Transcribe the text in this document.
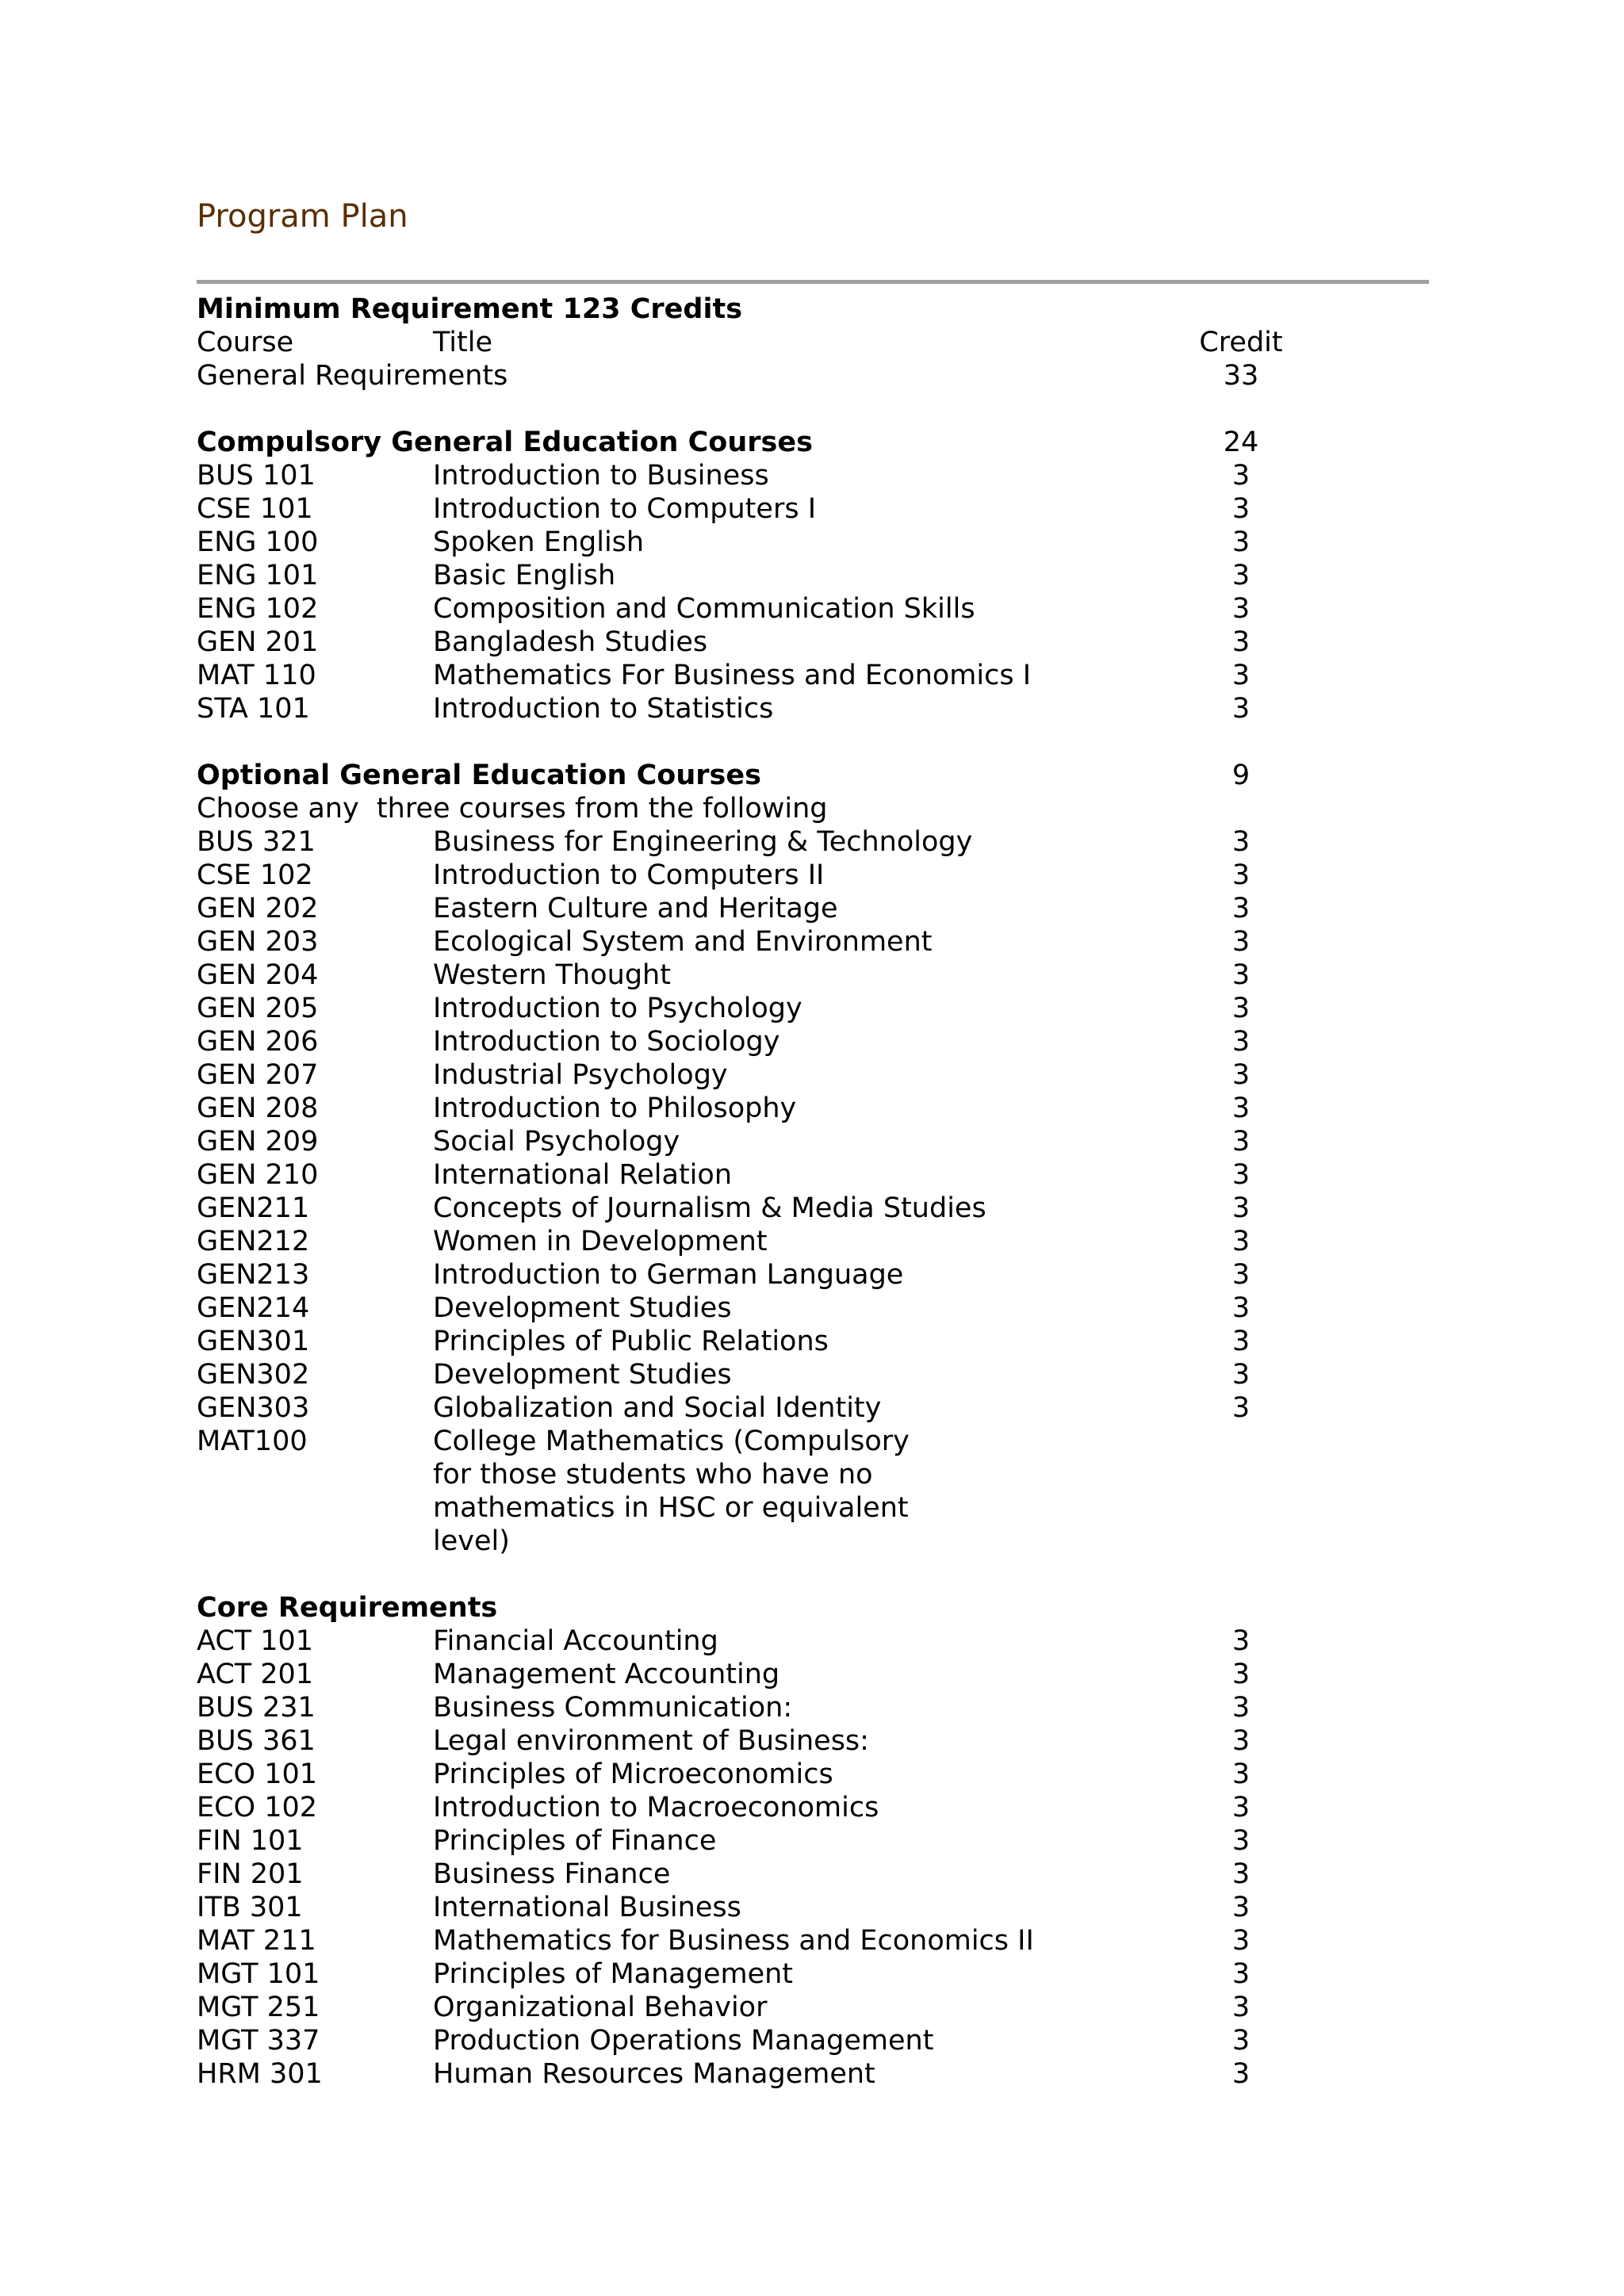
Program Plan
Minimum Requirement 123 Credits
Course	Title	Credit
General Requirements	33
Compulsory General Education Courses	24
BUS 101	Introduction to Business	3
CSE 101	Introduction to Computers I	3
ENG 100	Spoken English	3
ENG 101	Basic English	3
ENG 102	Composition and Communication Skills	3
GEN 201	Bangladesh Studies	3
MAT 110	Mathematics For Business and Economics I	3
STA 101	Introduction to Statistics	3
Optional General Education Courses	9
Choose any  three courses from the following
BUS 321	Business for Engineering & Technology	3
CSE 102	Introduction to Computers II	3
GEN 202	Eastern Culture and Heritage	3
GEN 203	Ecological System and Environment	3
GEN 204	Western Thought	3
GEN 205	Introduction to Psychology	3
GEN 206	Introduction to Sociology	3
GEN 207	Industrial Psychology	3
GEN 208	Introduction to Philosophy	3
GEN 209	Social Psychology	3
GEN 210	International Relation	3
GEN211	Concepts of Journalism & Media Studies	3
GEN212	Women in Development	3
GEN213	Introduction to German Language	3
GEN214	Development Studies	3
GEN301	Principles of Public Relations	3
GEN302	Development Studies	3
GEN303	Globalization and Social Identity	3
MAT100	College Mathematics (Compulsory for those students who have no mathematics in HSC or equivalent level)
Core Requirements
ACT 101	Financial Accounting	3
ACT 201	Management Accounting	3
BUS 231	Business Communication:	3
BUS 361	Legal environment of Business:	3
ECO 101	Principles of Microeconomics	3
ECO 102	Introduction to Macroeconomics	3
FIN 101	Principles of Finance	3
FIN 201	Business Finance	3
ITB 301	International Business	3
MAT 211	Mathematics for Business and Economics II	3
MGT 101	Principles of Management	3
MGT 251	Organizational Behavior	3
MGT 337	Production Operations Management	3
HRM 301	Human Resources Management	3
